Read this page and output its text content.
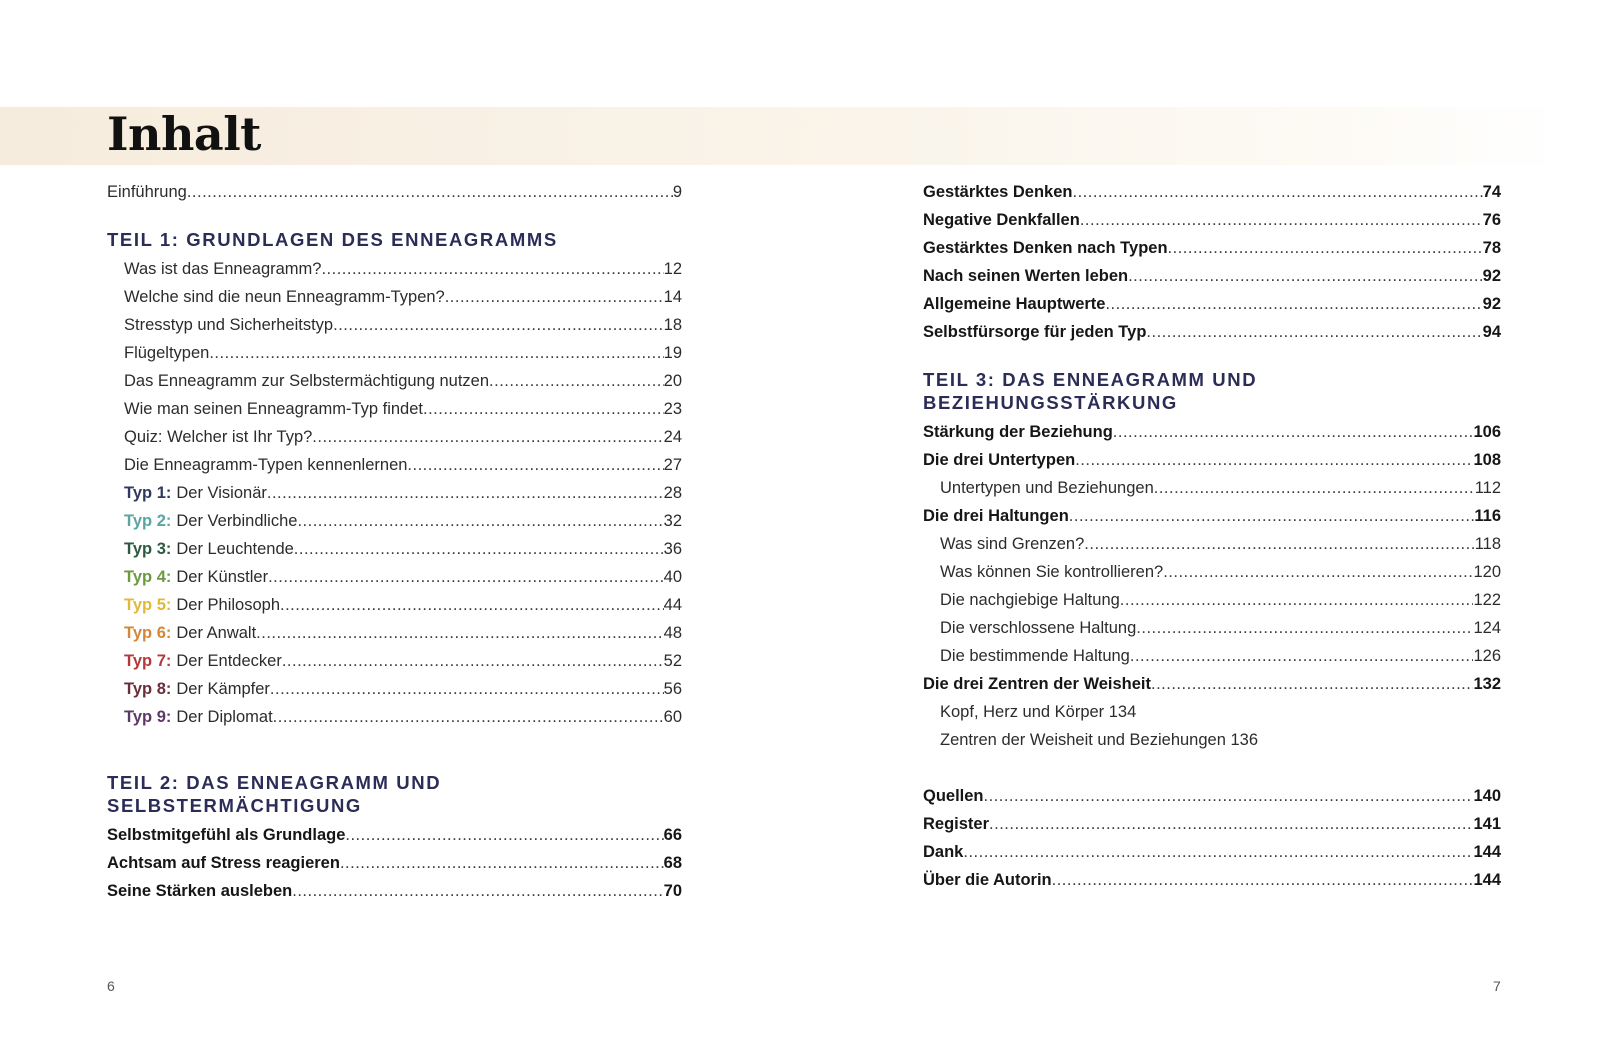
Inhalt
Einführung .....	9
TEIL 1: GRUNDLAGEN DES ENNEAGRAMMS
Was ist das Enneagramm? .....	12
Welche sind die neun Enneagramm-Typen? .....	14
Stresstyp und Sicherheitstyp .....	18
Flügeltypen .....	19
Das Enneagramm zur Selbstermächtigung nutzen .....	20
Wie man seinen Enneagramm-Typ findet .....	23
Quiz: Welcher ist Ihr Typ? .....	24
Die Enneagramm-Typen kennenlernen .....	27
Typ 1: Der Visionär .....	28
Typ 2: Der Verbindliche .....	32
Typ 3: Der Leuchtende .....	36
Typ 4: Der Künstler .....	40
Typ 5: Der Philosoph .....	44
Typ 6: Der Anwalt .....	48
Typ 7: Der Entdecker .....	52
Typ 8: Der Kämpfer .....	56
Typ 9: Der Diplomat .....	60
TEIL 2: DAS ENNEAGRAMM UND
SELBSTERMÄCHTIGUNG
Selbstmitgefühl als Grundlage .....	66
Achtsam auf Stress reagieren .....	68
Seine Stärken ausleben .....	70
Gestärktes Denken .....	74
Negative Denkfallen .....	76
Gestärktes Denken nach Typen .....	78
Nach seinen Werten leben .....	92
Allgemeine Hauptwerte .....	92
Selbstfürsorge für jeden Typ .....	94
TEIL 3: DAS ENNEAGRAMM UND
BEZIEHUNGSSTÄRKUNG
Stärkung der Beziehung .....	106
Die drei Untertypen .....	108
Untertypen und Beziehungen .....	112
Die drei Haltungen .....	116
Was sind Grenzen? .....	118
Was können Sie kontrollieren? .....	120
Die nachgiebige Haltung .....	122
Die verschlossene Haltung .....	124
Die bestimmende Haltung .....	126
Die drei Zentren der Weisheit .....	132
Kopf, Herz und Körper 134
Zentren der Weisheit und Beziehungen 136
Quellen .....	140
Register .....	141
Dank .....	144
Über die Autorin .....	144
6	7
